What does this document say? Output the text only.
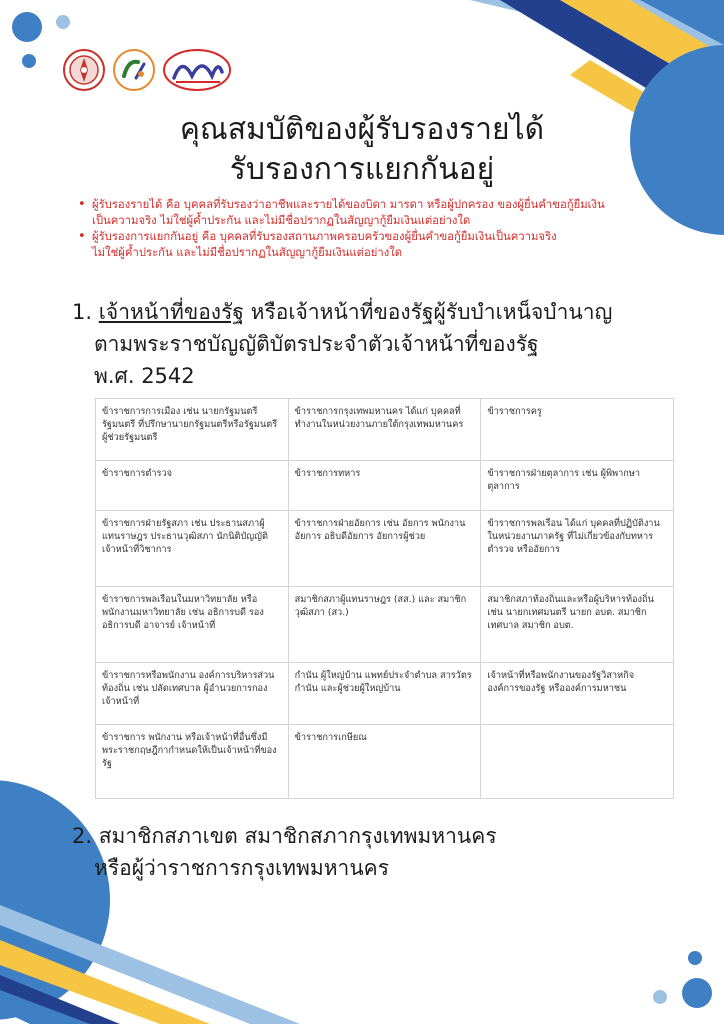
คุณสมบัติของผู้รับรองรายได้
รับรองการแยกกันอยู่
• ผู้รับรองรายได้ คือ บุคคลที่รับรองว่าอาชีพและรายได้ของบิดา มารดา หรือผู้ปกครอง ของผู้ยื่นคำขอกู้ยืมเงิน
เป็นความจริง ไม่ใช่ผู้ค้ำประกัน และไม่มีชื่อปรากฏในสัญญากู้ยืมเงินแต่อย่างใด
• ผู้รับรองการแยกกันอยู่ คือ บุคคลที่รับรองสถานภาพครอบครัวของผู้ยื่นคำขอกู้ยืมเงินเป็นความจริง
ไม่ใช่ผู้ค้ำประกัน และไม่มีชื่อปรากฏในสัญญากู้ยืมเงินแต่อย่างใด
1. เจ้าหน้าที่ของรัฐ หรือเจ้าหน้าที่ของรัฐผู้รับบำเหน็จบำนาญ
ตามพระราชบัญญัติบัตรประจำตัวเจ้าหน้าที่ของรัฐ
พ.ศ. 2542
ข้าราชการการเมือง เช่น นายกรัฐมนตรี รัฐมนตรี ที่ปรึกษานายกรัฐมนตรีหรือรัฐมนตรี ผู้ช่วยรัฐมนตรี	ข้าราชการกรุงเทพมหานคร ได้แก่ บุคคลที่ทำงานในหน่วยงานภายใต้กรุงเทพมหานคร	ข้าราชการครู
ข้าราชการตำรวจ	ข้าราชการทหาร	ข้าราชการฝ่ายตุลาการ เช่น ผู้พิพากษา ตุลาการ
ข้าราชการฝ่ายรัฐสภา เช่น ประธานสภาผู้แทนราษฎร ประธานวุฒิสภา นักนิติบัญญัติ เจ้าหน้าที่วิชาการ	ข้าราชการฝ่ายอัยการ เช่น อัยการ พนักงานอัยการ อธิบดีอัยการ อัยการผู้ช่วย	ข้าราชการพลเรือน ได้แก่ บุคคลที่ปฏิบัติงานในหน่วยงานภาครัฐ ที่ไม่เกี่ยวข้องกับทหาร ตำรวจ หรืออัยการ
ข้าราชการพลเรือนในมหาวิทยาลัย หรือ พนักงานมหาวิทยาลัย เช่น อธิการบดี รองอธิการบดี อาจารย์ เจ้าหน้าที่	สมาชิกสภาผู้แทนราษฎร (สส.) และ สมาชิกวุฒิสภา (สว.)	สมาชิกสภาท้องถิ่นและหรือผู้บริหารท้องถิ่น เช่น นายกเทศมนตรี นายก อบต. สมาชิกเทศบาล สมาชิก อบต.
ข้าราชการหรือพนักงาน องค์การบริหารส่วนท้องถิ่น เช่น ปลัดเทศบาล ผู้อำนวยการกอง เจ้าหน้าที่	กำนัน ผู้ใหญ่บ้าน แพทย์ประจำตำบล สารวัตรกำนัน และผู้ช่วยผู้ใหญ่บ้าน	เจ้าหน้าที่หรือพนักงานของรัฐวิสาหกิจ องค์การของรัฐ หรือองค์การมหาชน
ข้าราชการ พนักงาน หรือเจ้าหน้าที่อื่นซึ่งมีพระราชกฤษฎีกากำหนดให้เป็นเจ้าหน้าที่ของรัฐ	ข้าราชการเกษียณ	
2. สมาชิกสภาเขต สมาชิกสภากรุงเทพมหานคร
หรือผู้ว่าราชการกรุงเทพมหานคร
